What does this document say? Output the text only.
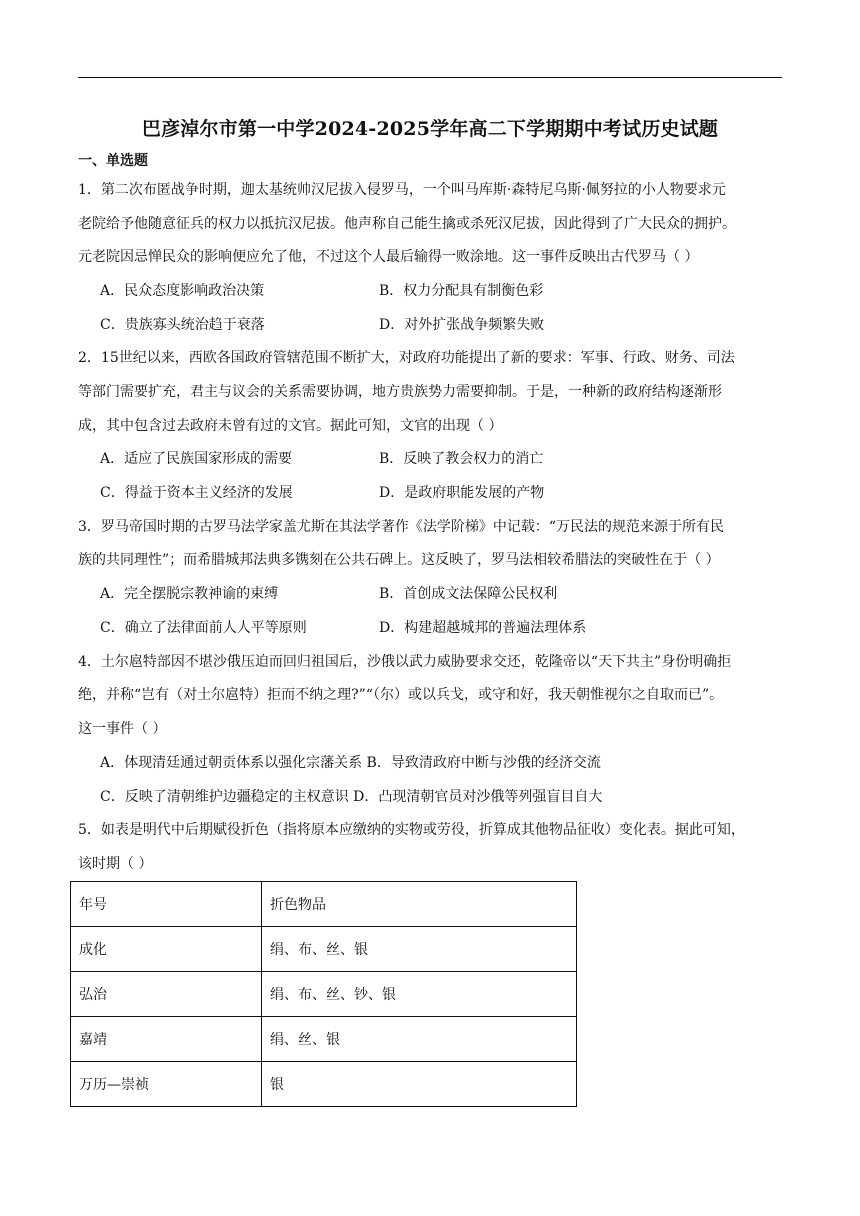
巴彦淖尔市第一中学2024-2025学年高二下学期期中考试历史试题
一、单选题
1．第二次布匿战争时期，迦太基统帅汉尼拔入侵罗马，一个叫马库斯·森特尼乌斯·佩努拉的小人物要求元
老院给予他随意征兵的权力以抵抗汉尼拔。他声称自己能生擒或杀死汉尼拔，因此得到了广大民众的拥护。
元老院因忌惮民众的影响便应允了他，不过这个人最后输得一败涂地。这一事件反映出古代罗马（ ）
A．民众态度影响政治决策	B．权力分配具有制衡色彩
C．贵族寡头统治趋于衰落	D．对外扩张战争频繁失败
2．15世纪以来，西欧各国政府管辖范围不断扩大，对政府功能提出了新的要求：军事、行政、财务、司法
等部门需要扩充，君主与议会的关系需要协调，地方贵族势力需要抑制。于是，一种新的政府结构逐渐形
成，其中包含过去政府未曾有过的文官。据此可知，文官的出现（ ）
A．适应了民族国家形成的需要	B．反映了教会权力的消亡
C．得益于资本主义经济的发展	D．是政府职能发展的产物
3．罗马帝国时期的古罗马法学家盖尤斯在其法学著作《法学阶梯》中记载：“万民法的规范来源于所有民
族的共同理性”；而希腊城邦法典多镌刻在公共石碑上。这反映了，罗马法相较希腊法的突破性在于（ ）
A．完全摆脱宗教神谕的束缚	B．首创成文法保障公民权利
C．确立了法律面前人人平等原则	D．构建超越城邦的普遍法理体系
4．土尔扈特部因不堪沙俄压迫而回归祖国后，沙俄以武力威胁要求交还，乾隆帝以“天下共主”身份明确拒
绝，并称“岂有（对土尔扈特）拒而不纳之理?”“（尔）或以兵戈，或守和好，我天朝惟视尔之自取而已”。
这一事件（ ）
A．体现清廷通过朝贡体系以强化宗藩关系 B．导致清政府中断与沙俄的经济交流
C．反映了清朝维护边疆稳定的主权意识 D．凸现清朝官员对沙俄等列强盲目自大
5．如表是明代中后期赋役折色（指将原本应缴纳的实物或劳役，折算成其他物品征收）变化表。据此可知，
该时期（ ）
年号	折色物品
成化	绢、布、丝、银
弘治	绢、布、丝、钞、银
嘉靖	绢、丝、银
万历—崇祯	银
